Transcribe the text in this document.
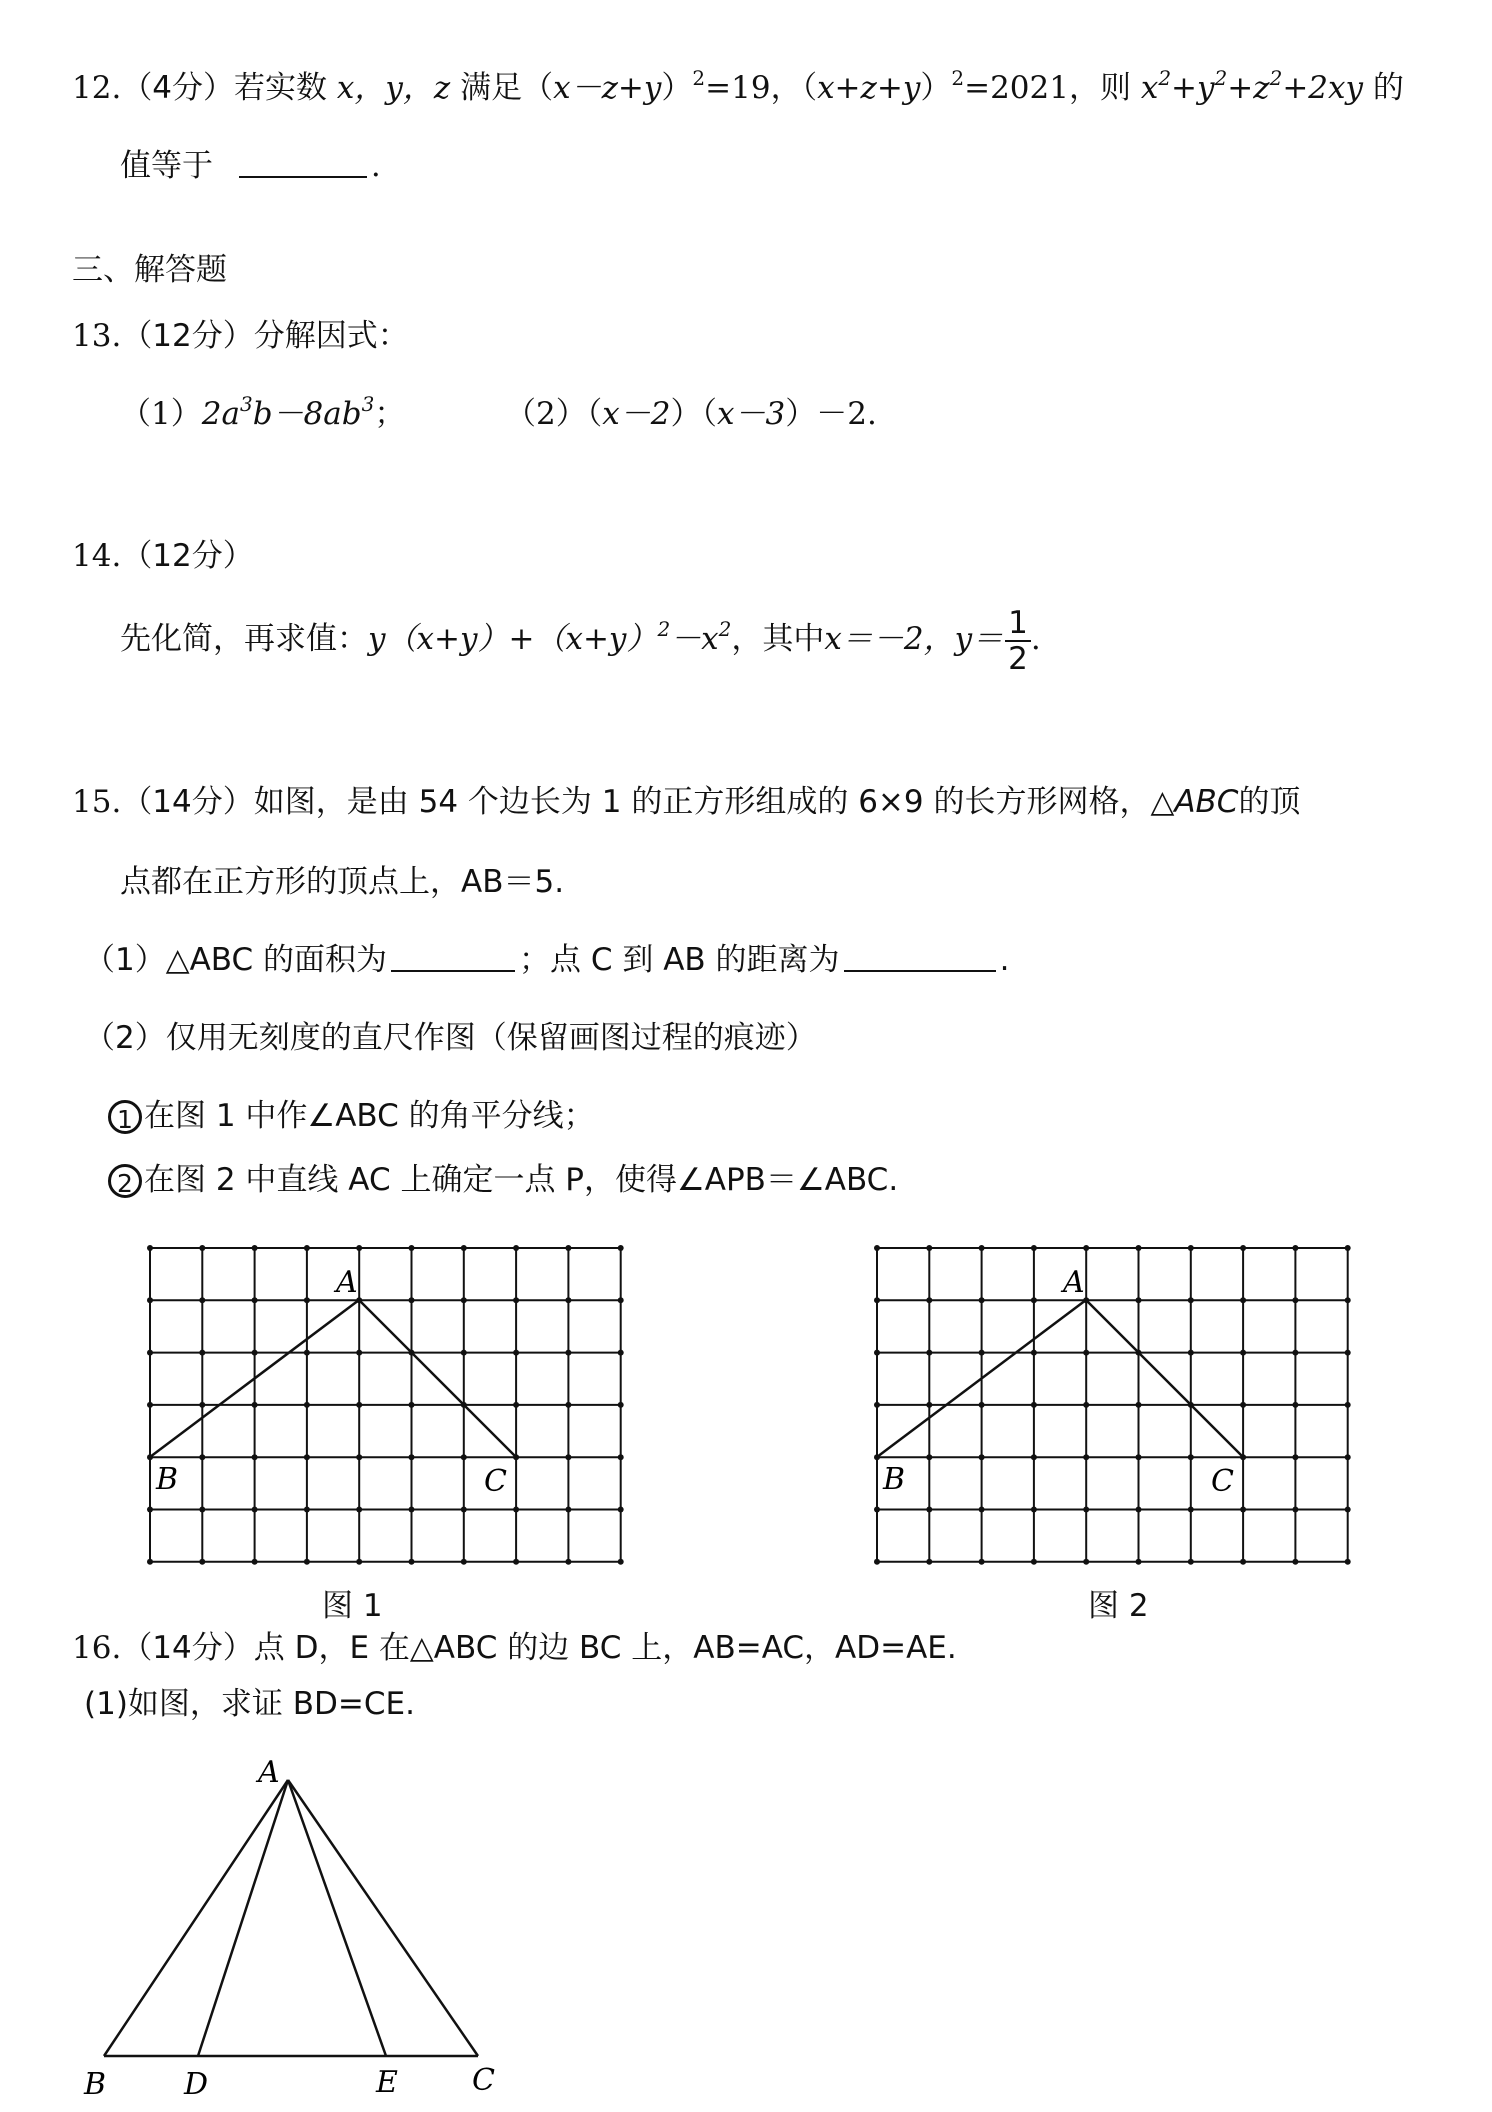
12.（4分）若实数 x，y，z 满足$(x-z+y)^2=19$，$(x+z+y)^2=2021$，则 $x^2+y^2+z^2+2xy$ 的
值等于	.
三、解答题
13.（12分）分解因式：
$(1)2a^3b-8ab^3$；	（2）（x－2）（x－3）－2.
14.（12分）
先化简，再求值：$y(x+y)+(x+y)^2-x^2$，其中x＝－2，$y= \frac{1}{2}$ .
15.（14分）如图，是由 54 个边长为 1 的正方形组成的 6×9 的长方形网格，△ABC的顶
点都在正方形的顶点上，AB＝5.
（1）△ABC 的面积为	；点 C 到 AB 的距离为	.
（2）仅用无刻度的直尺作图（保留画图过程的痕迹）
1 在图 1 中作∠ABC 的角平分线；
2 在图 2 中直线 AC 上确定一点 P，使得∠APB＝∠ABC.
A
B	C
图 1
A
B	C
图 2
16.（14分）点 D，E 在△ABC 的边 BC 上，AB=AC，AD=AE.
(1)如图，求证 BD=CE.
A
B	D	E C
